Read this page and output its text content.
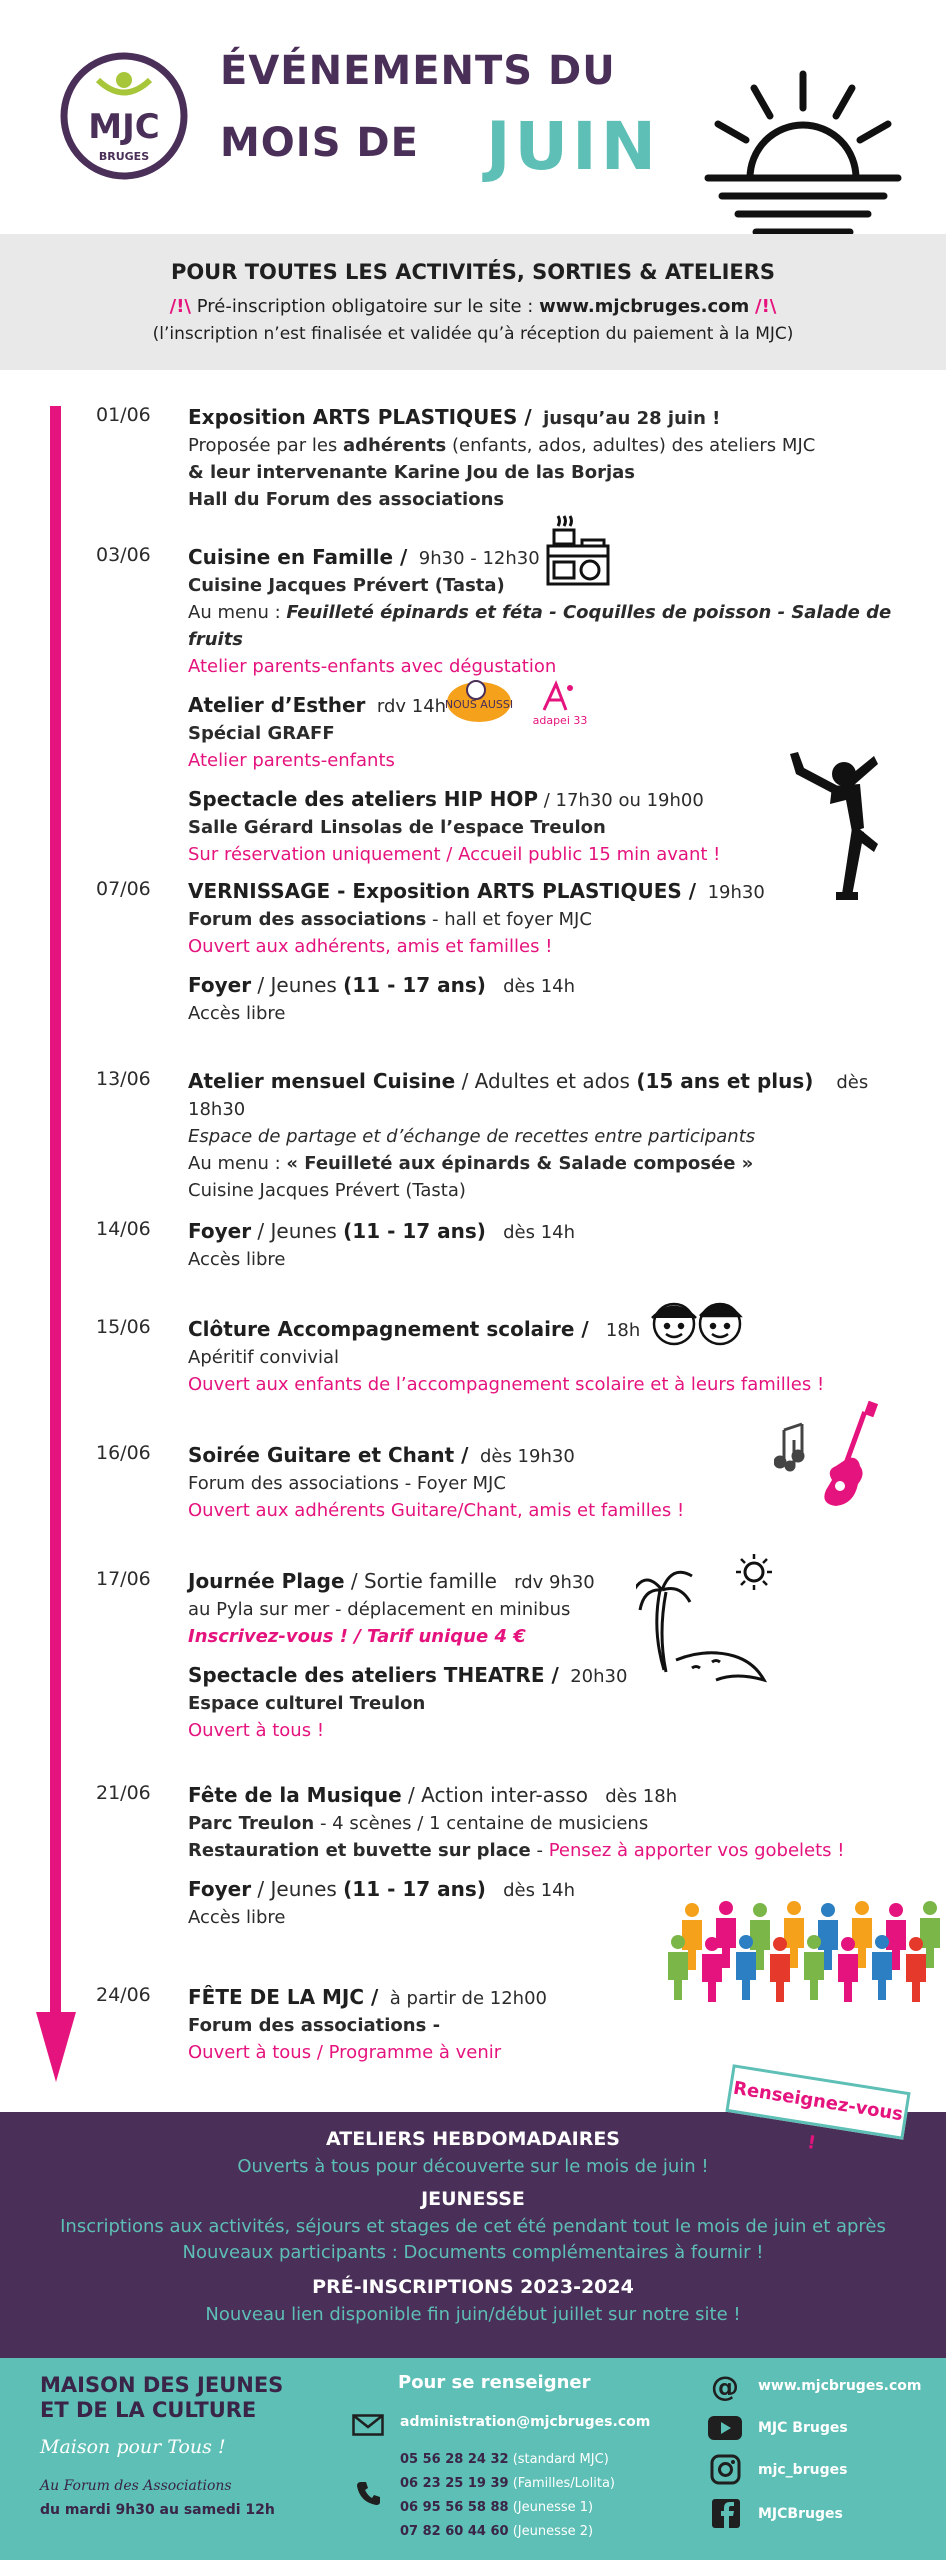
MJC
BRUGES
ÉVÉNEMENTS DU
MOIS DE JUIN
POUR TOUTES LES ACTIVITÉS, SORTIES & ATELIERS
/!\ Pré-inscription obligatoire sur le site : www.mjcbruges.com /!\
(l’inscription n’est finalisée et validée qu’à réception du paiement à la MJC)
01/06 Exposition ARTS PLASTIQUES / jusqu’au 28 juin !
Proposée par les adhérents (enfants, ados, adultes) des ateliers MJC
& leur intervenante Karine Jou de las Borjas
Hall du Forum des associations
03/06 Cuisine en Famille / 9h30 - 12h30
Cuisine Jacques Prévert (Tasta)
Au menu : Feuilleté épinards et féta - Coquilles de poisson - Salade de fruits
Atelier parents-enfants avec dégustation
Atelier d’Esther rdv 14h
Spécial GRAFF
Atelier parents-enfants
Spectacle des ateliers HIP HOP / 17h30 ou 19h00
Salle Gérard Linsolas de l’espace Treulon
Sur réservation uniquement / Accueil public 15 min avant !
NOUS AUSSI
adapei 33
07/06 VERNISSAGE - Exposition ARTS PLASTIQUES / 19h30
Forum des associations - hall et foyer MJC
Ouvert aux adhérents, amis et familles !
Foyer / Jeunes (11 - 17 ans) dès 14h
Accès libre
13/06 Atelier mensuel Cuisine / Adultes et ados (15 ans et plus) dès 18h30
Espace de partage et d’échange de recettes entre participants
Au menu : « Feuilleté aux épinards & Salade composée »
Cuisine Jacques Prévert (Tasta)
14/06 Foyer / Jeunes (11 - 17 ans) dès 14h
Accès libre
15/06 Clôture Accompagnement scolaire / 18h
Apéritif convivial
Ouvert aux enfants de l’accompagnement scolaire et à leurs familles !
16/06 Soirée Guitare et Chant / dès 19h30
Forum des associations - Foyer MJC
Ouvert aux adhérents Guitare/Chant, amis et familles !
17/06 Journée Plage / Sortie famille rdv 9h30
au Pyla sur mer - déplacement en minibus
Inscrivez-vous ! / Tarif unique 4 €
Spectacle des ateliers THEATRE / 20h30
Espace culturel Treulon
Ouvert à tous !
21/06 Fête de la Musique / Action inter-asso dès 18h
Parc Treulon - 4 scènes / 1 centaine de musiciens
Restauration et buvette sur place - Pensez à apporter vos gobelets !
Foyer / Jeunes (11 - 17 ans) dès 14h
Accès libre
24/06 FÊTE DE LA MJC / à partir de 12h00
Forum des associations -
Ouvert à tous / Programme à venir
ATELIERS HEBDOMADAIRES
Ouverts à tous pour découverte sur le mois de juin !
JEUNESSE
Inscriptions aux activités, séjours et stages de cet été pendant tout le mois de juin et après
Nouveaux participants : Documents complémentaires à fournir !
PRÉ-INSCRIPTIONS 2023-2024
Nouveau lien disponible fin juin/début juillet sur notre site !
Renseignez-vous !
MAISON DES JEUNES
ET DE LA CULTURE
Maison pour Tous !
Au Forum des Associations
du mardi 9h30 au samedi 12h
Pour se renseigner
administration@mjcbruges.com
05 56 28 24 32 (standard MJC)
06 23 25 19 39 (Familles/Lolita)
06 95 56 58 88 (Jeunesse 1)
07 82 60 44 60 (Jeunesse 2)
@ www.mjcbruges.com
MJC Bruges
mjc_bruges
MJCBruges
